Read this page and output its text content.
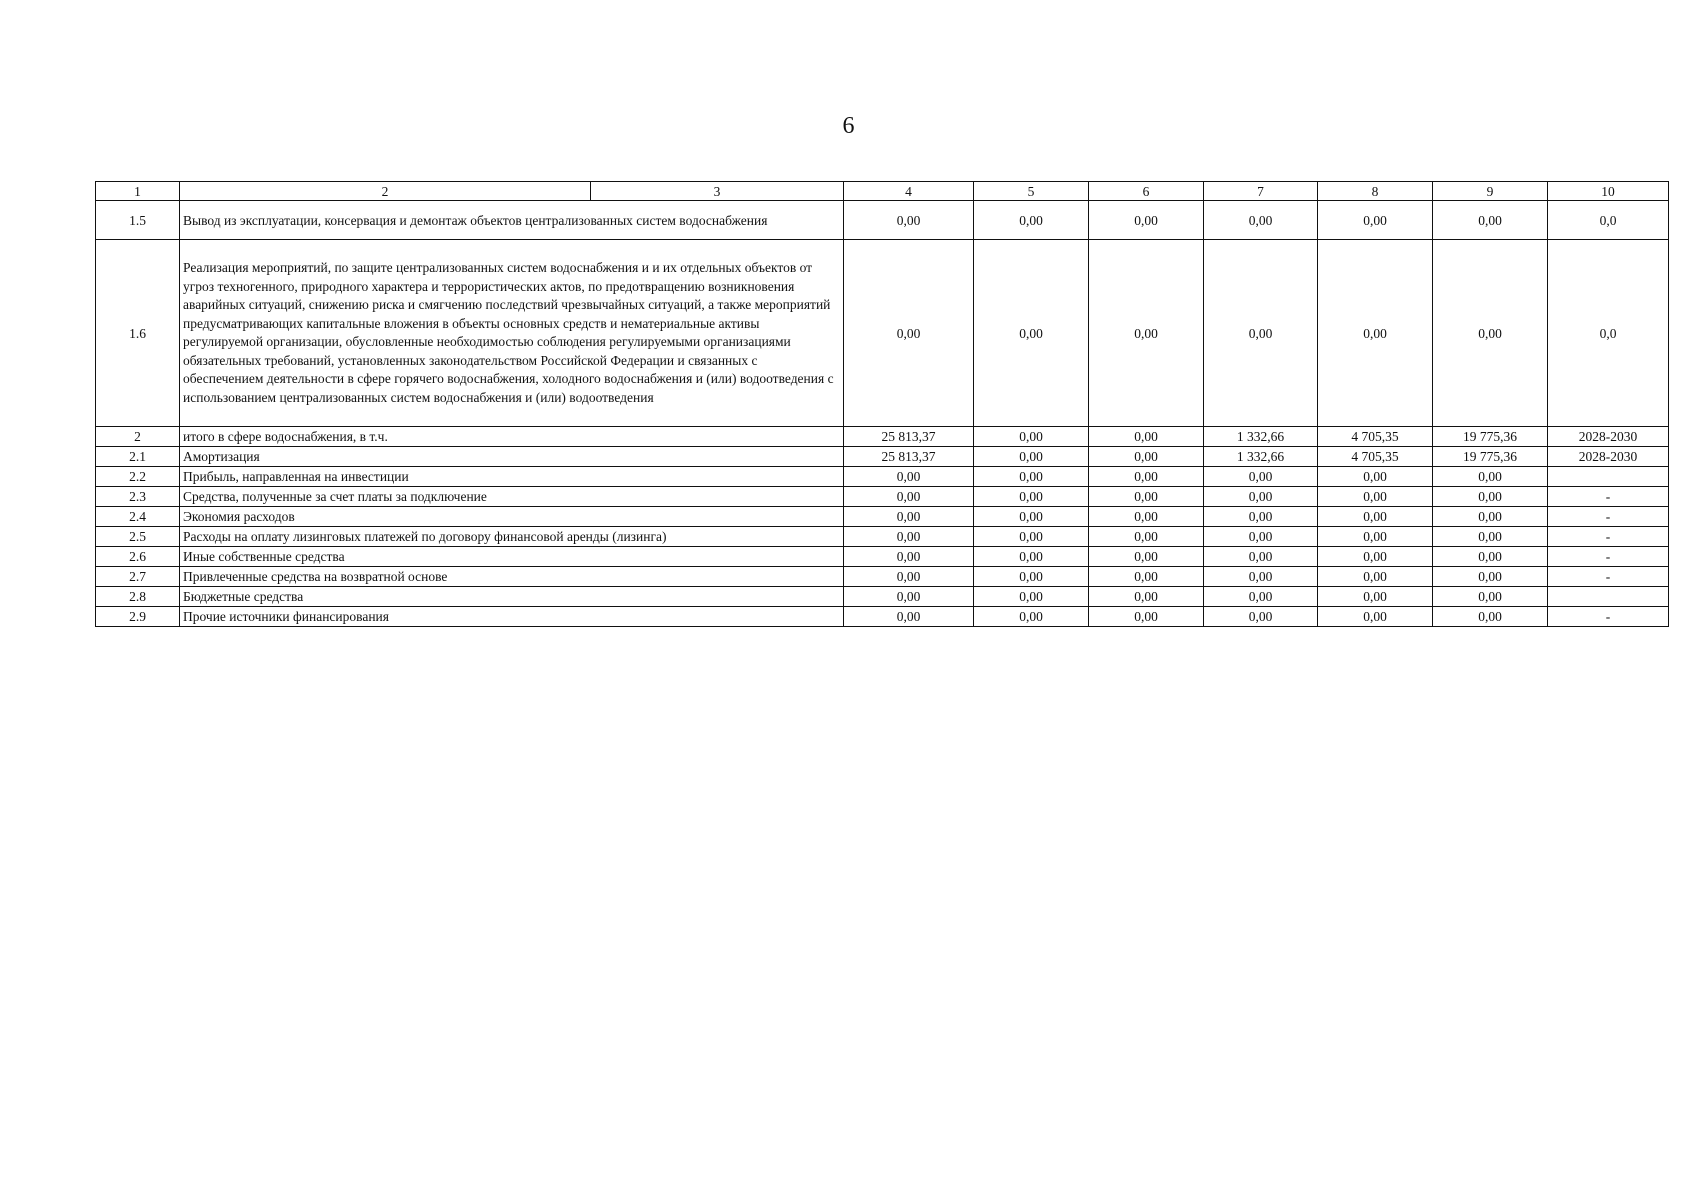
6
1	2	3	4	5	6	7	8	9	10
1.5	Вывод из эксплуатации, консервация и демонтаж объектов централизованных систем водоснабжения		0,00	0,00	0,00	0,00	0,00	0,00	0,0
1.6	Реализация мероприятий, по защите централизованных систем водоснабжения и и их отдельных объектов от угроз техногенного, природного характера и террористических актов, по предотвращению возникновения аварийных ситуаций, снижению риска и смягчению последствий чрезвычайных ситуаций, а также мероприятий предусматривающих капитальные вложения в объекты основных средств и нематериальные активы регулируемой организации, обусловленные необходимостью соблюдения регулируемыми организациями обязательных требований, установленных законодательством Российской Федерации и связанных с обеспечением деятельности в сфере горячего водоснабжения, холодного водоснабжения и (или) водоотведения с использованием централизованных систем водоснабжения и (или) водоотведения		0,00	0,00	0,00	0,00	0,00	0,00	0,0
2	итого в сфере водоснабжения, в т.ч.		25 813,37	0,00	0,00	1 332,66	4 705,35	19 775,36	2028-2030
2.1	Амортизация		25 813,37	0,00	0,00	1 332,66	4 705,35	19 775,36	2028-2030
2.2	Прибыль, направленная на инвестиции		0,00	0,00	0,00	0,00	0,00	0,00	
2.3	Средства, полученные за счет платы за подключение		0,00	0,00	0,00	0,00	0,00	0,00	-
2.4	Экономия расходов		0,00	0,00	0,00	0,00	0,00	0,00	-
2.5	Расходы на оплату лизинговых платежей по договору финансовой аренды (лизинга)		0,00	0,00	0,00	0,00	0,00	0,00	-
2.6	Иные собственные средства		0,00	0,00	0,00	0,00	0,00	0,00	-
2.7	Привлеченные средства на возвратной основе		0,00	0,00	0,00	0,00	0,00	0,00	-
2.8	Бюджетные средства		0,00	0,00	0,00	0,00	0,00	0,00	
2.9	Прочие источники финансирования		0,00	0,00	0,00	0,00	0,00	0,00	-
